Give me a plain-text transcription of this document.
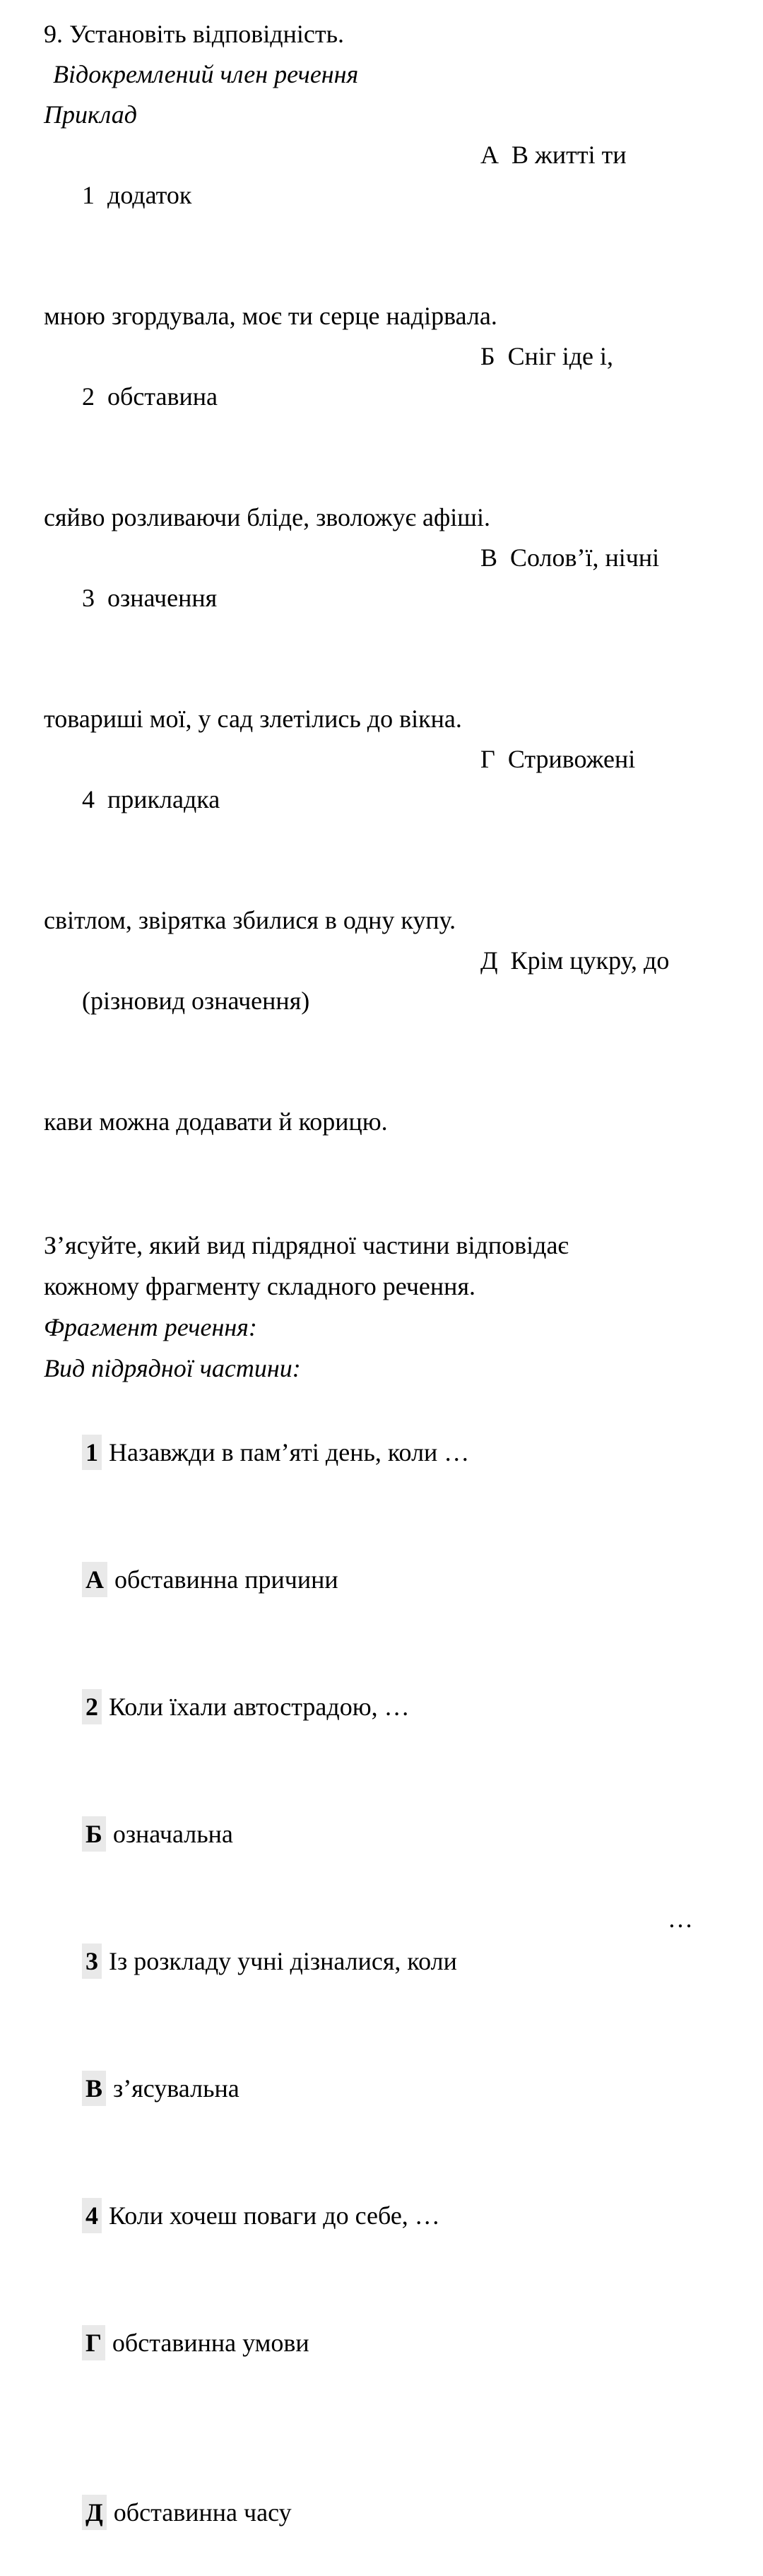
9. Установіть відповідність.

Відокремлений член речення

Приклад

1  додаток

А  В житті ти

мною згордувала, моє ти серце надірвала.

2  обставина

Б  Сніг іде і,

сяйво розливаючи бліде, зволожує афіші.

3  означення

В  Солов’ї, нічні

товариші мої, у сад злетілись до вікна.

4  прикладка

Г  Стривожені

світлом, звірятка збилися в одну купу.

(різновид означення)

Д  Крім цукру, до

кави можна додавати й корицю.

З’ясуйте, який вид підрядної частини відповідає

кожному фрагменту складного речення.

Фрагмент речення:

Вид підрядної частини:

1 Назавжди в пам’яті день, коли …

А обставинна причини

2 Коли їхали автострадою, …

Б означальна

3 Із розкладу учні дізналися, коли
…

В з’ясувальна

4 Коли хочеш поваги до себе, …

Г обставинна умови

Д обставинна часу
